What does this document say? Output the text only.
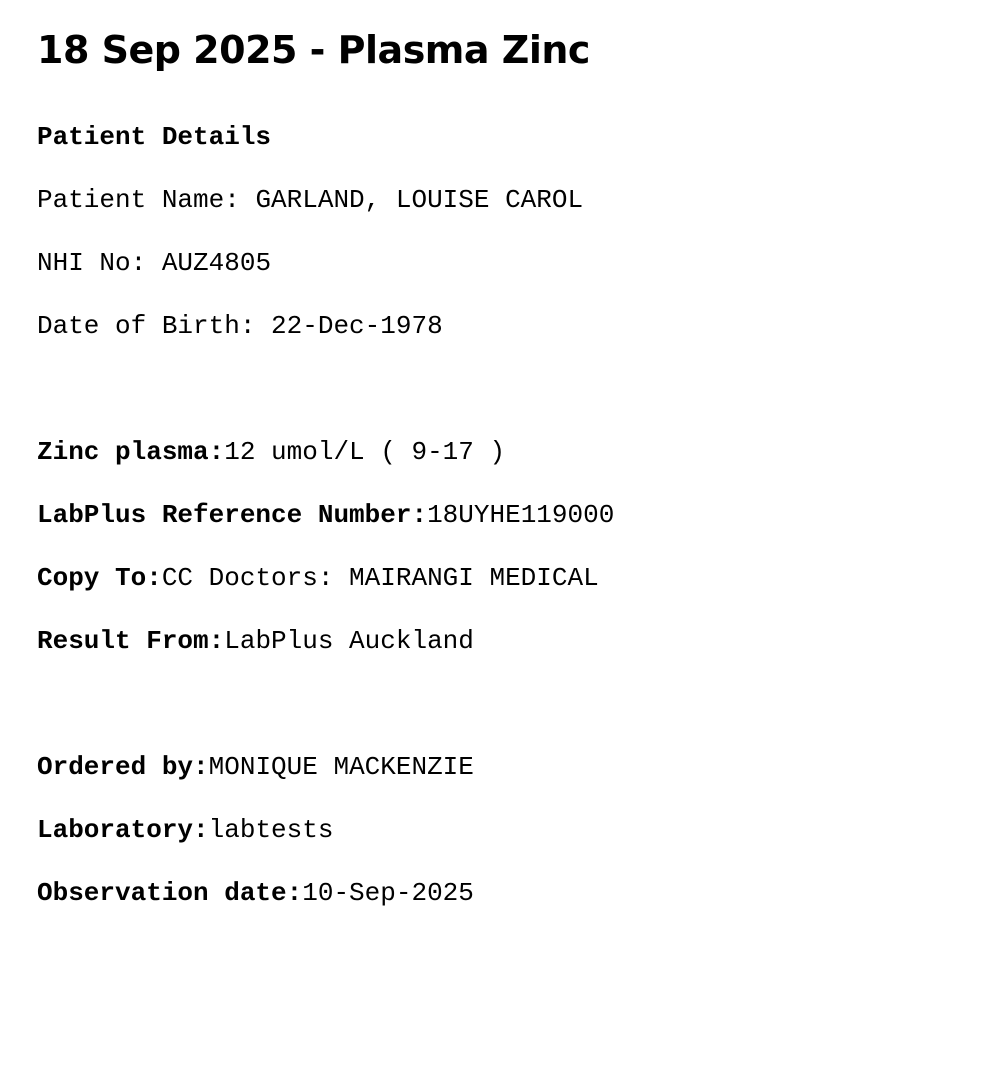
18 Sep 2025 - Plasma Zinc

Patient Details

Patient Name: GARLAND, LOUISE CAROL

NHI No: AUZ4805

Date of Birth: 22-Dec-1978

Zinc plasma:12 umol/L ( 9-17 )

LabPlus Reference Number:18UYHE119000

Copy To:CC Doctors: MAIRANGI MEDICAL

Result From:LabPlus Auckland

Ordered by:MONIQUE MACKENZIE

Laboratory:labtests

Observation date:10-Sep-2025
